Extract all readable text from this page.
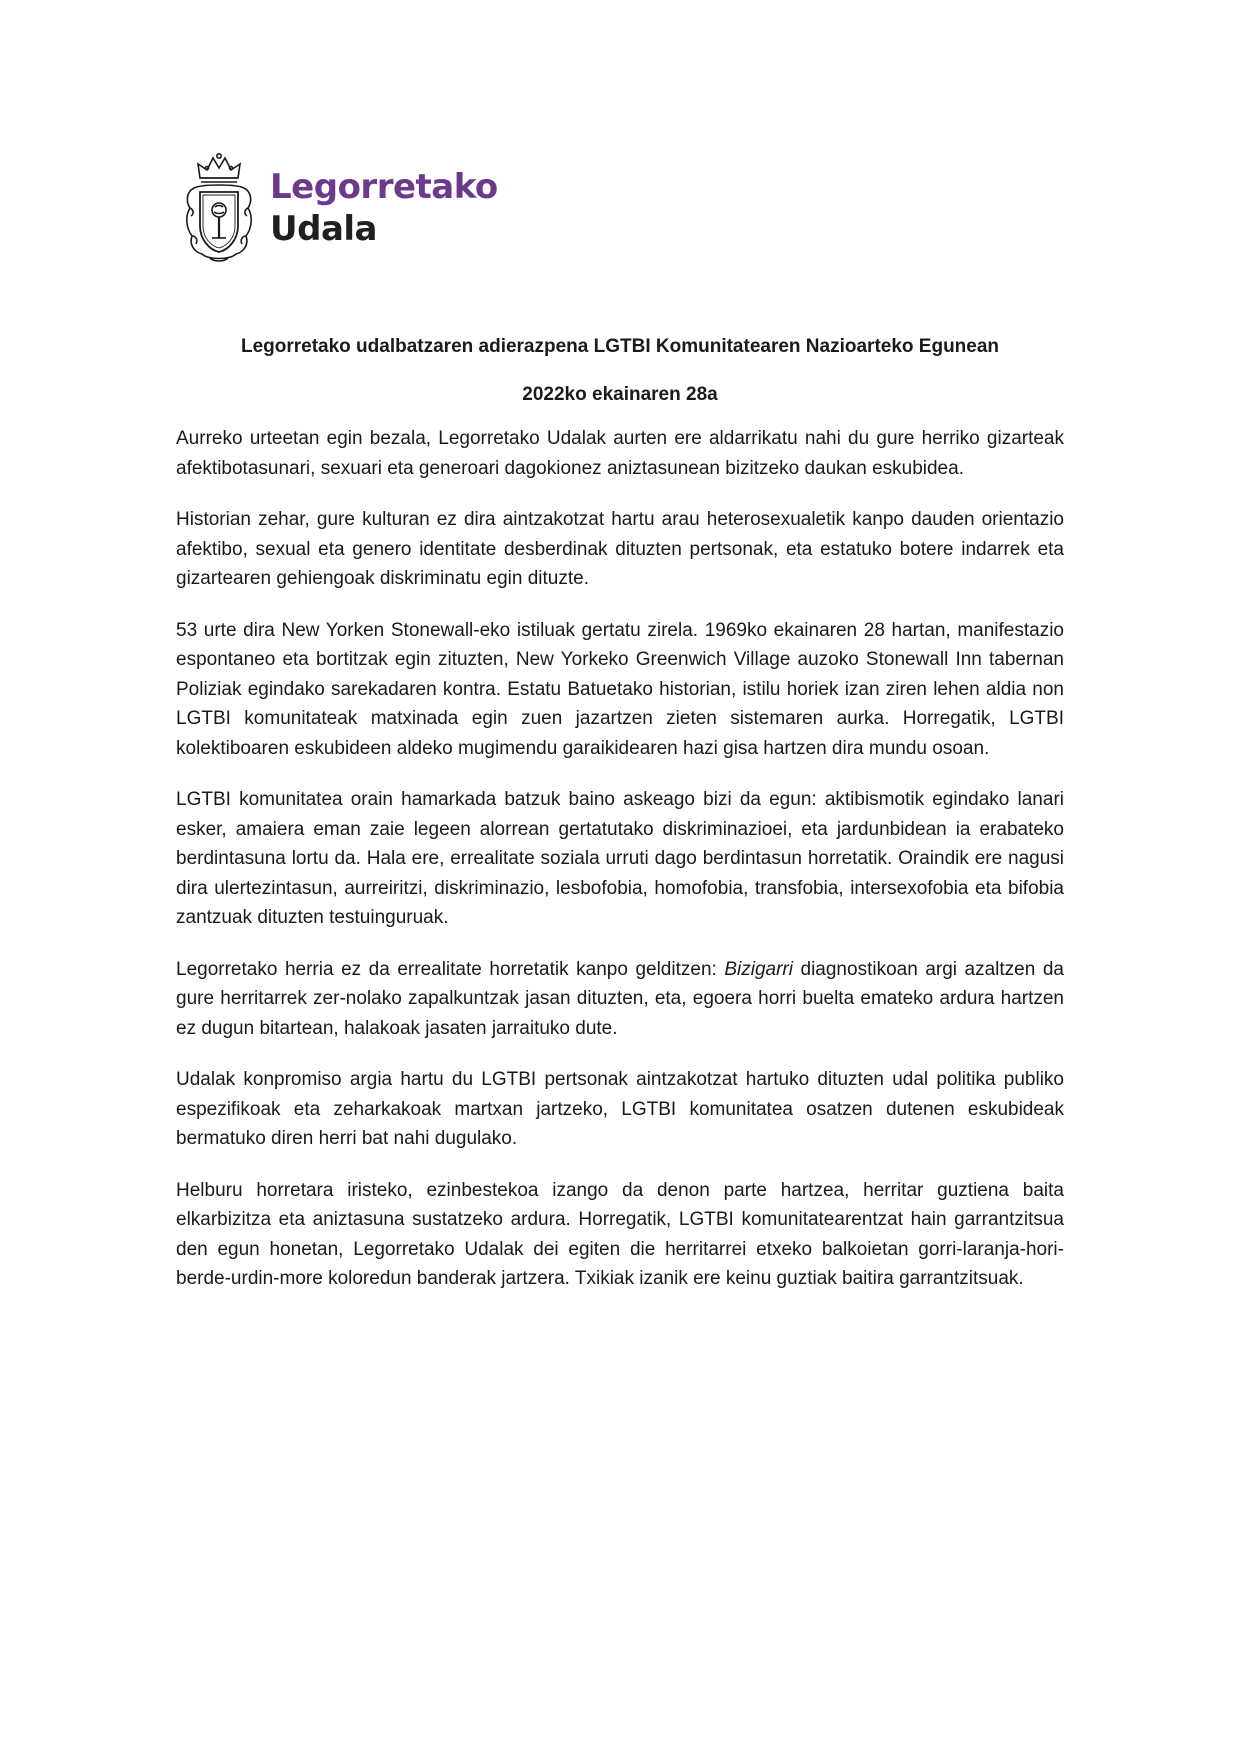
Legorretako
Udala
Legorretako udalbatzaren adierazpena LGTBI Komunitatearen Nazioarteko Egunean
2022ko ekainaren 28a

Aurreko urteetan egin bezala, Legorretako Udalak aurten ere aldarrikatu nahi du gure herriko gizarteak afektibotasunari, sexuari eta generoari dagokionez aniztasunean bizitzeko daukan eskubidea.

Historian zehar, gure kulturan ez dira aintzakotzat hartu arau heterosexualetik kanpo dauden orientazio afektibo, sexual eta genero identitate desberdinak dituzten pertsonak, eta estatuko botere indarrek eta gizartearen gehiengoak diskriminatu egin dituzte.

53 urte dira New Yorken Stonewall-eko istiluak gertatu zirela. 1969ko ekainaren 28 hartan, manifestazio espontaneo eta bortitzak egin zituzten, New Yorkeko Greenwich Village auzoko Stonewall Inn tabernan Poliziak egindako sarekadaren kontra. Estatu Batuetako historian, istilu horiek izan ziren lehen aldia non LGTBI komunitateak matxinada egin zuen jazartzen zieten sistemaren aurka. Horregatik, LGTBI kolektiboaren eskubideen aldeko mugimendu garaikidearen hazi gisa hartzen dira mundu osoan.

LGTBI komunitatea orain hamarkada batzuk baino askeago bizi da egun: aktibismotik egindako lanari esker, amaiera eman zaie legeen alorrean gertatutako diskriminazioei, eta jardunbidean ia erabateko berdintasuna lortu da. Hala ere, errealitate soziala urruti dago berdintasun horretatik. Oraindik ere nagusi dira ulertezintasun, aurreiritzi, diskriminazio, lesbofobia, homofobia, transfobia, intersexofobia eta bifobia zantzuak dituzten testuinguruak.

Legorretako herria ez da errealitate horretatik kanpo gelditzen: Bizigarri diagnostikoan argi azaltzen da gure herritarrek zer-nolako zapalkuntzak jasan dituzten, eta, egoera horri buelta emateko ardura hartzen ez dugun bitartean, halakoak jasaten jarraituko dute.

Udalak konpromiso argia hartu du LGTBI pertsonak aintzakotzat hartuko dituzten udal politika publiko espezifikoak eta zeharkakoak martxan jartzeko, LGTBI komunitatea osatzen dutenen eskubideak bermatuko diren herri bat nahi dugulako.

Helburu horretara iristeko, ezinbestekoa izango da denon parte hartzea, herritar guztiena baita elkarbizitza eta aniztasuna sustatzeko ardura. Horregatik, LGTBI komunitatearentzat hain garrantzitsua den egun honetan, Legorretako Udalak dei egiten die herritarrei etxeko balkoietan gorri-laranja-hori-berde-urdin-more koloredun banderak jartzera. Txikiak izanik ere keinu guztiak baitira garrantzitsuak.
